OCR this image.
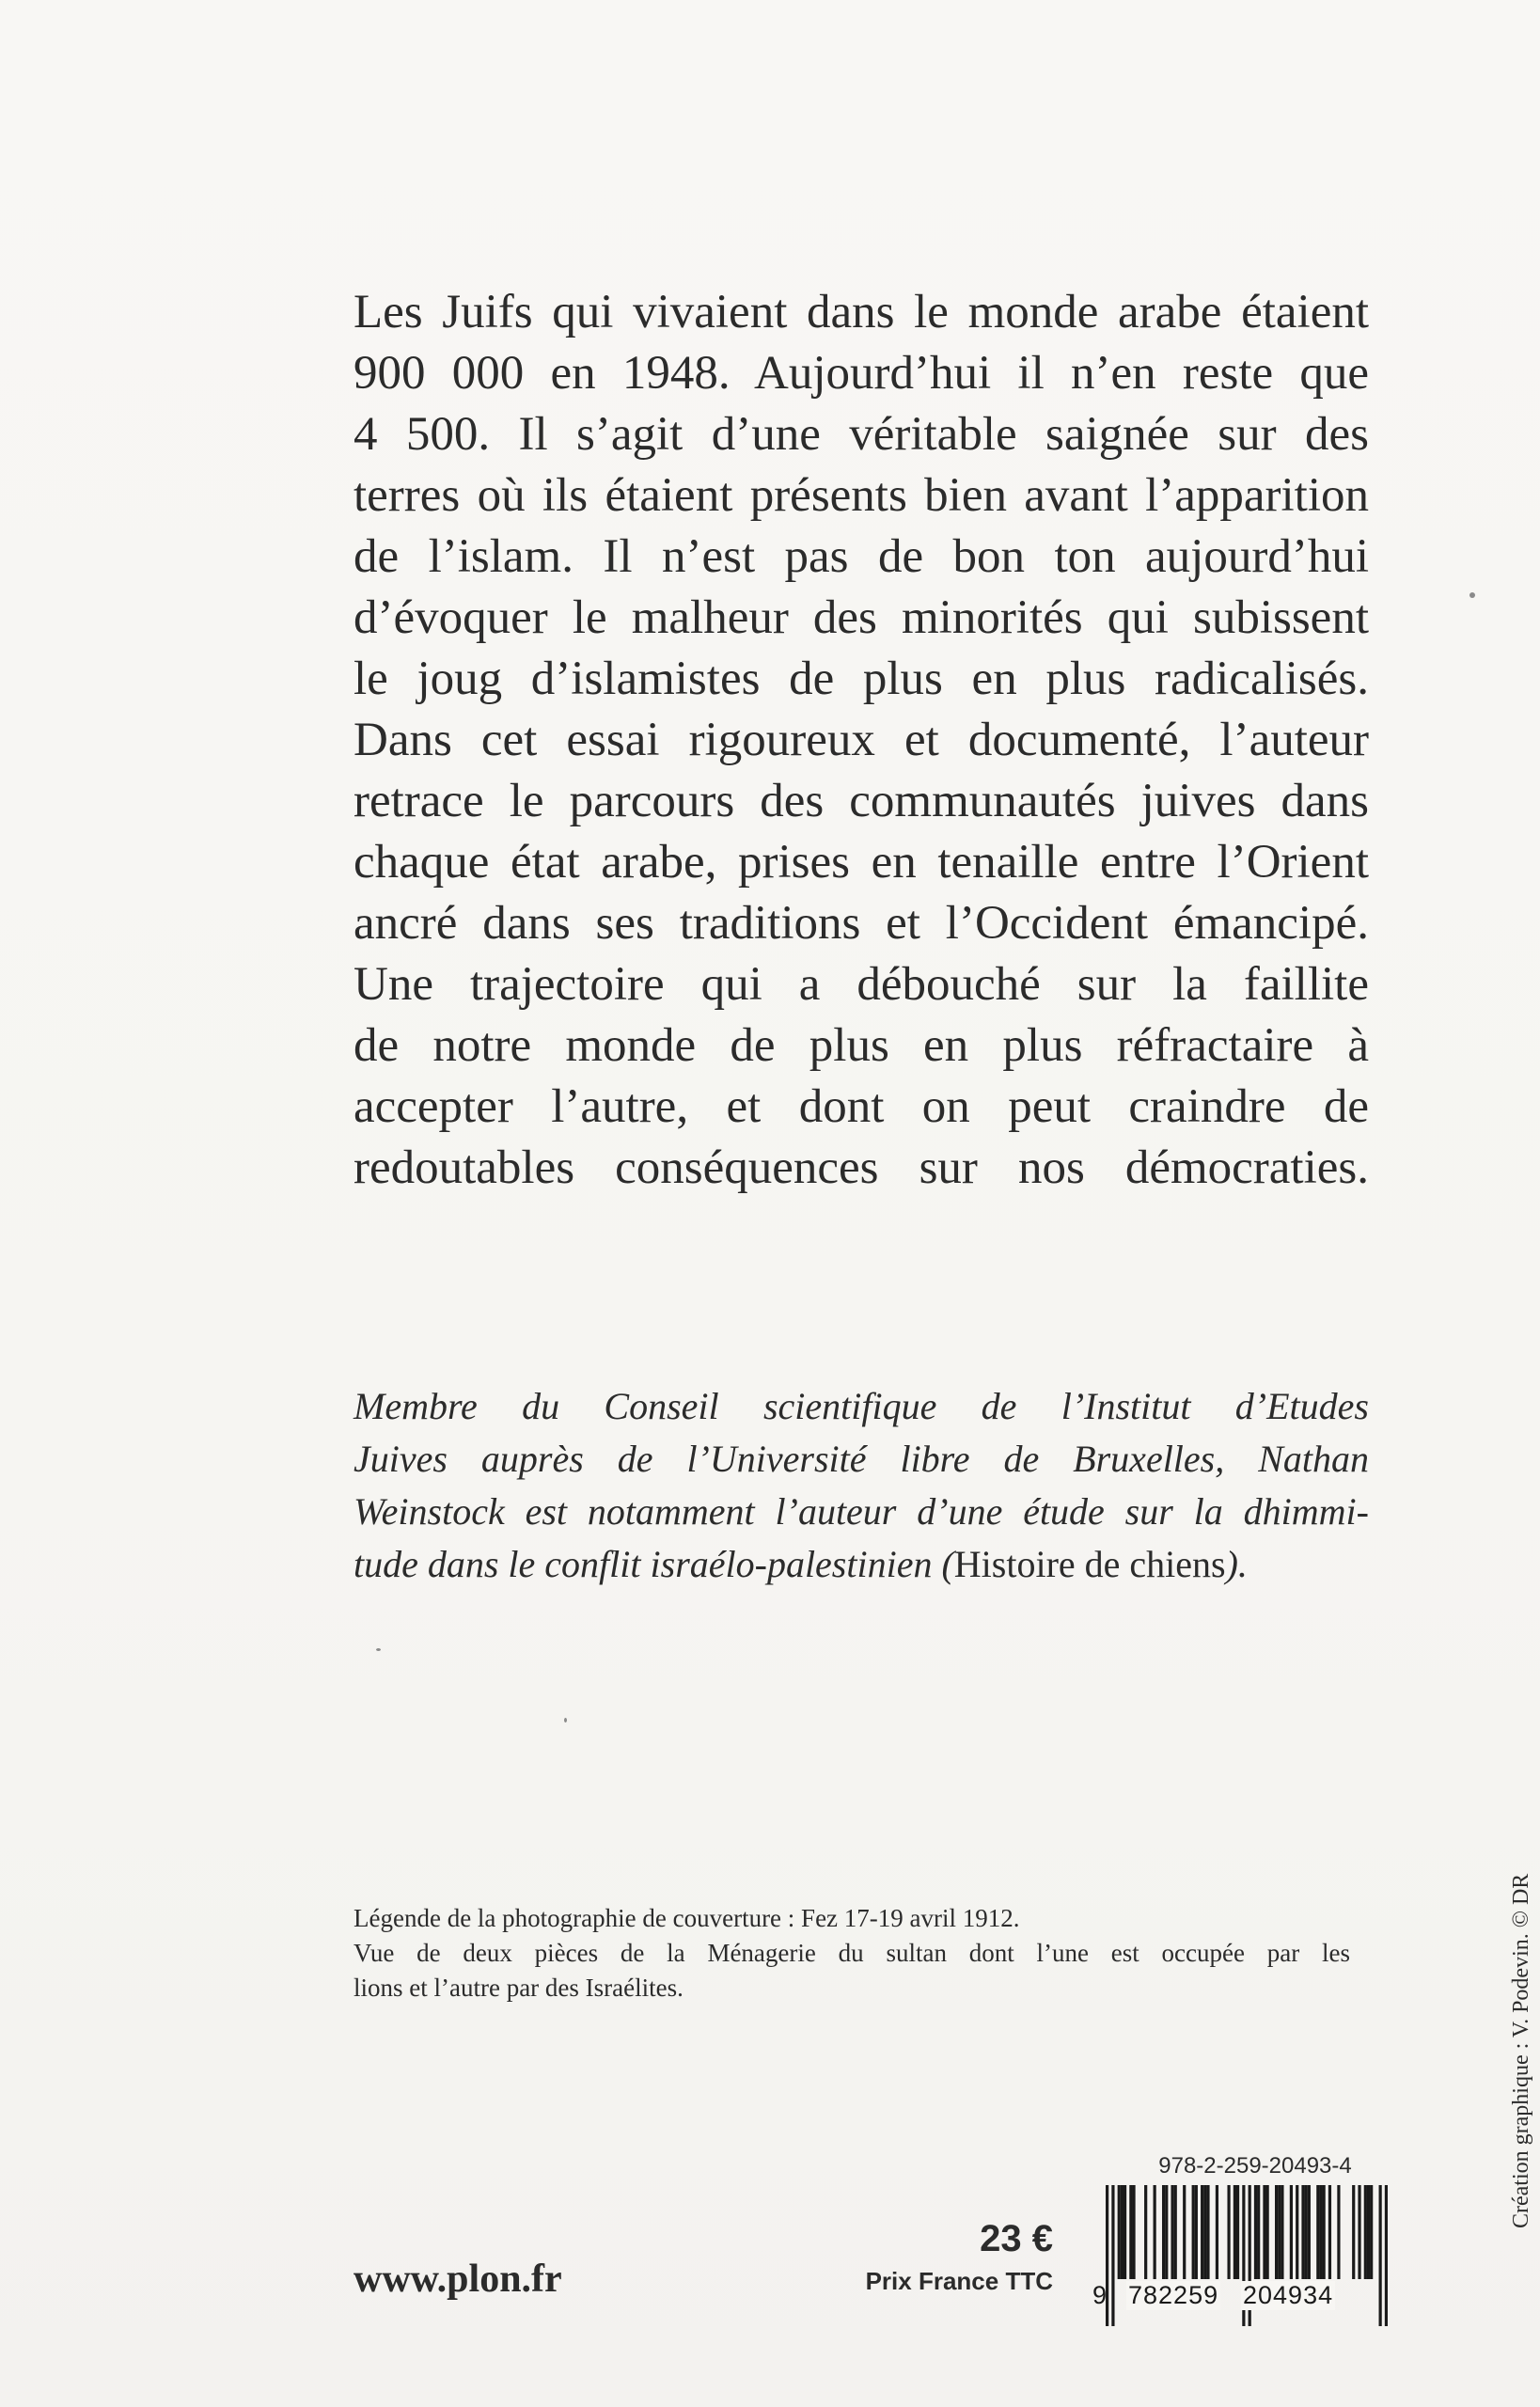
Les Juifs qui vivaient dans le monde arabe étaient
900 000 en 1948. Aujourd’hui il n’en reste que
4 500. Il s’agit d’une véritable saignée sur des
terres où ils étaient présents bien avant l’apparition
de l’islam. Il n’est pas de bon ton aujourd’hui
d’évoquer le malheur des minorités qui subissent
le joug d’islamistes de plus en plus radicalisés.
Dans cet essai rigoureux et documenté, l’auteur
retrace le parcours des communautés juives dans
chaque état arabe, prises en tenaille entre l’Orient
ancré dans ses traditions et l’Occident émancipé.
Une trajectoire qui a débouché sur la faillite
de notre monde de plus en plus réfractaire à
accepter l’autre, et dont on peut craindre de
redoutables conséquences sur nos démocraties.
Membre du Conseil scientifique de l’Institut d’Etudes
Juives auprès de l’Université libre de Bruxelles, Nathan
Weinstock est notamment l’auteur d’une étude sur la dhimmi-
tude dans le conflit israélo-palestinien (Histoire de chiens).
Légende de la photographie de couverture : Fez 17-19 avril 1912.
Vue de deux pièces de la Ménagerie du sultan dont l’une est occupée par les
lions et l’autre par des Israélites.	Création graphique : V. Podevin. © DR
www.plon.fr
23 €
Prix France TTC
978-2-259-20493-4
9 782259 204934
